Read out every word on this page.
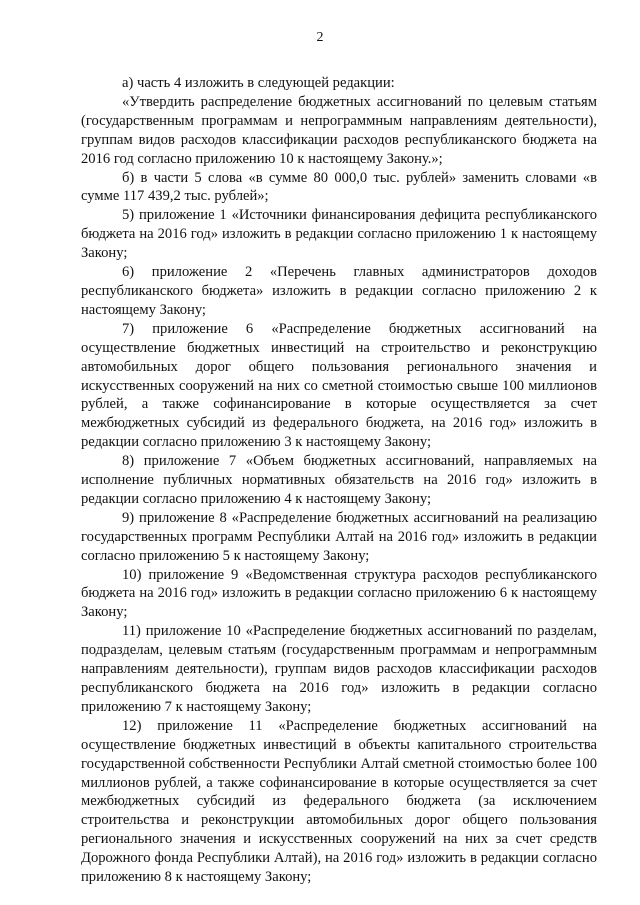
2

а) часть 4 изложить в следующей редакции:

«Утвердить распределение бюджетных ассигнований по целевым статьям (государственным программам и непрограммным направлениям деятельности), группам видов расходов классификации расходов республиканского бюджета на 2016 год согласно приложению 10 к настоящему Закону.»;

б) в части 5 слова «в сумме 80 000,0 тыс. рублей» заменить словами «в сумме 117 439,2 тыс. рублей»;

5) приложение 1 «Источники финансирования дефицита республиканского бюджета на 2016 год» изложить в редакции согласно приложению 1 к настоящему Закону;

6) приложение 2 «Перечень главных администраторов доходов республиканского бюджета» изложить в редакции согласно приложению 2 к настоящему Закону;

7) приложение 6 «Распределение бюджетных ассигнований на осуществление бюджетных инвестиций на строительство и реконструкцию автомобильных дорог общего пользования регионального значения и искусственных сооружений на них со сметной стоимостью свыше 100 миллионов рублей, а также софинансирование в которые осуществляется за счет межбюджетных субсидий из федерального бюджета, на 2016 год» изложить в редакции согласно приложению 3 к настоящему Закону;

8) приложение 7 «Объем бюджетных ассигнований, направляемых на исполнение публичных нормативных обязательств на 2016 год» изложить в редакции согласно приложению 4 к настоящему Закону;

9) приложение 8 «Распределение бюджетных ассигнований на реализацию государственных программ Республики Алтай на 2016 год» изложить в редакции согласно приложению 5 к настоящему Закону;

10) приложение 9 «Ведомственная структура расходов республиканского бюджета на 2016 год» изложить в редакции согласно приложению 6 к настоящему Закону;

11) приложение 10 «Распределение бюджетных ассигнований по разделам, подразделам, целевым статьям (государственным программам и непрограммным направлениям деятельности), группам видов расходов классификации расходов республиканского бюджета на 2016 год» изложить в редакции согласно приложению 7 к настоящему Закону;

12) приложение 11 «Распределение бюджетных ассигнований на осуществление бюджетных инвестиций в объекты капитального строительства государственной собственности Республики Алтай сметной стоимостью более 100 миллионов рублей, а также софинансирование в которые осуществляется за счет межбюджетных субсидий из федерального бюджета (за исключением строительства и реконструкции автомобильных дорог общего пользования регионального значения и искусственных сооружений на них за счет средств Дорожного фонда Республики Алтай), на 2016 год» изложить в редакции согласно приложению 8 к настоящему Закону;
